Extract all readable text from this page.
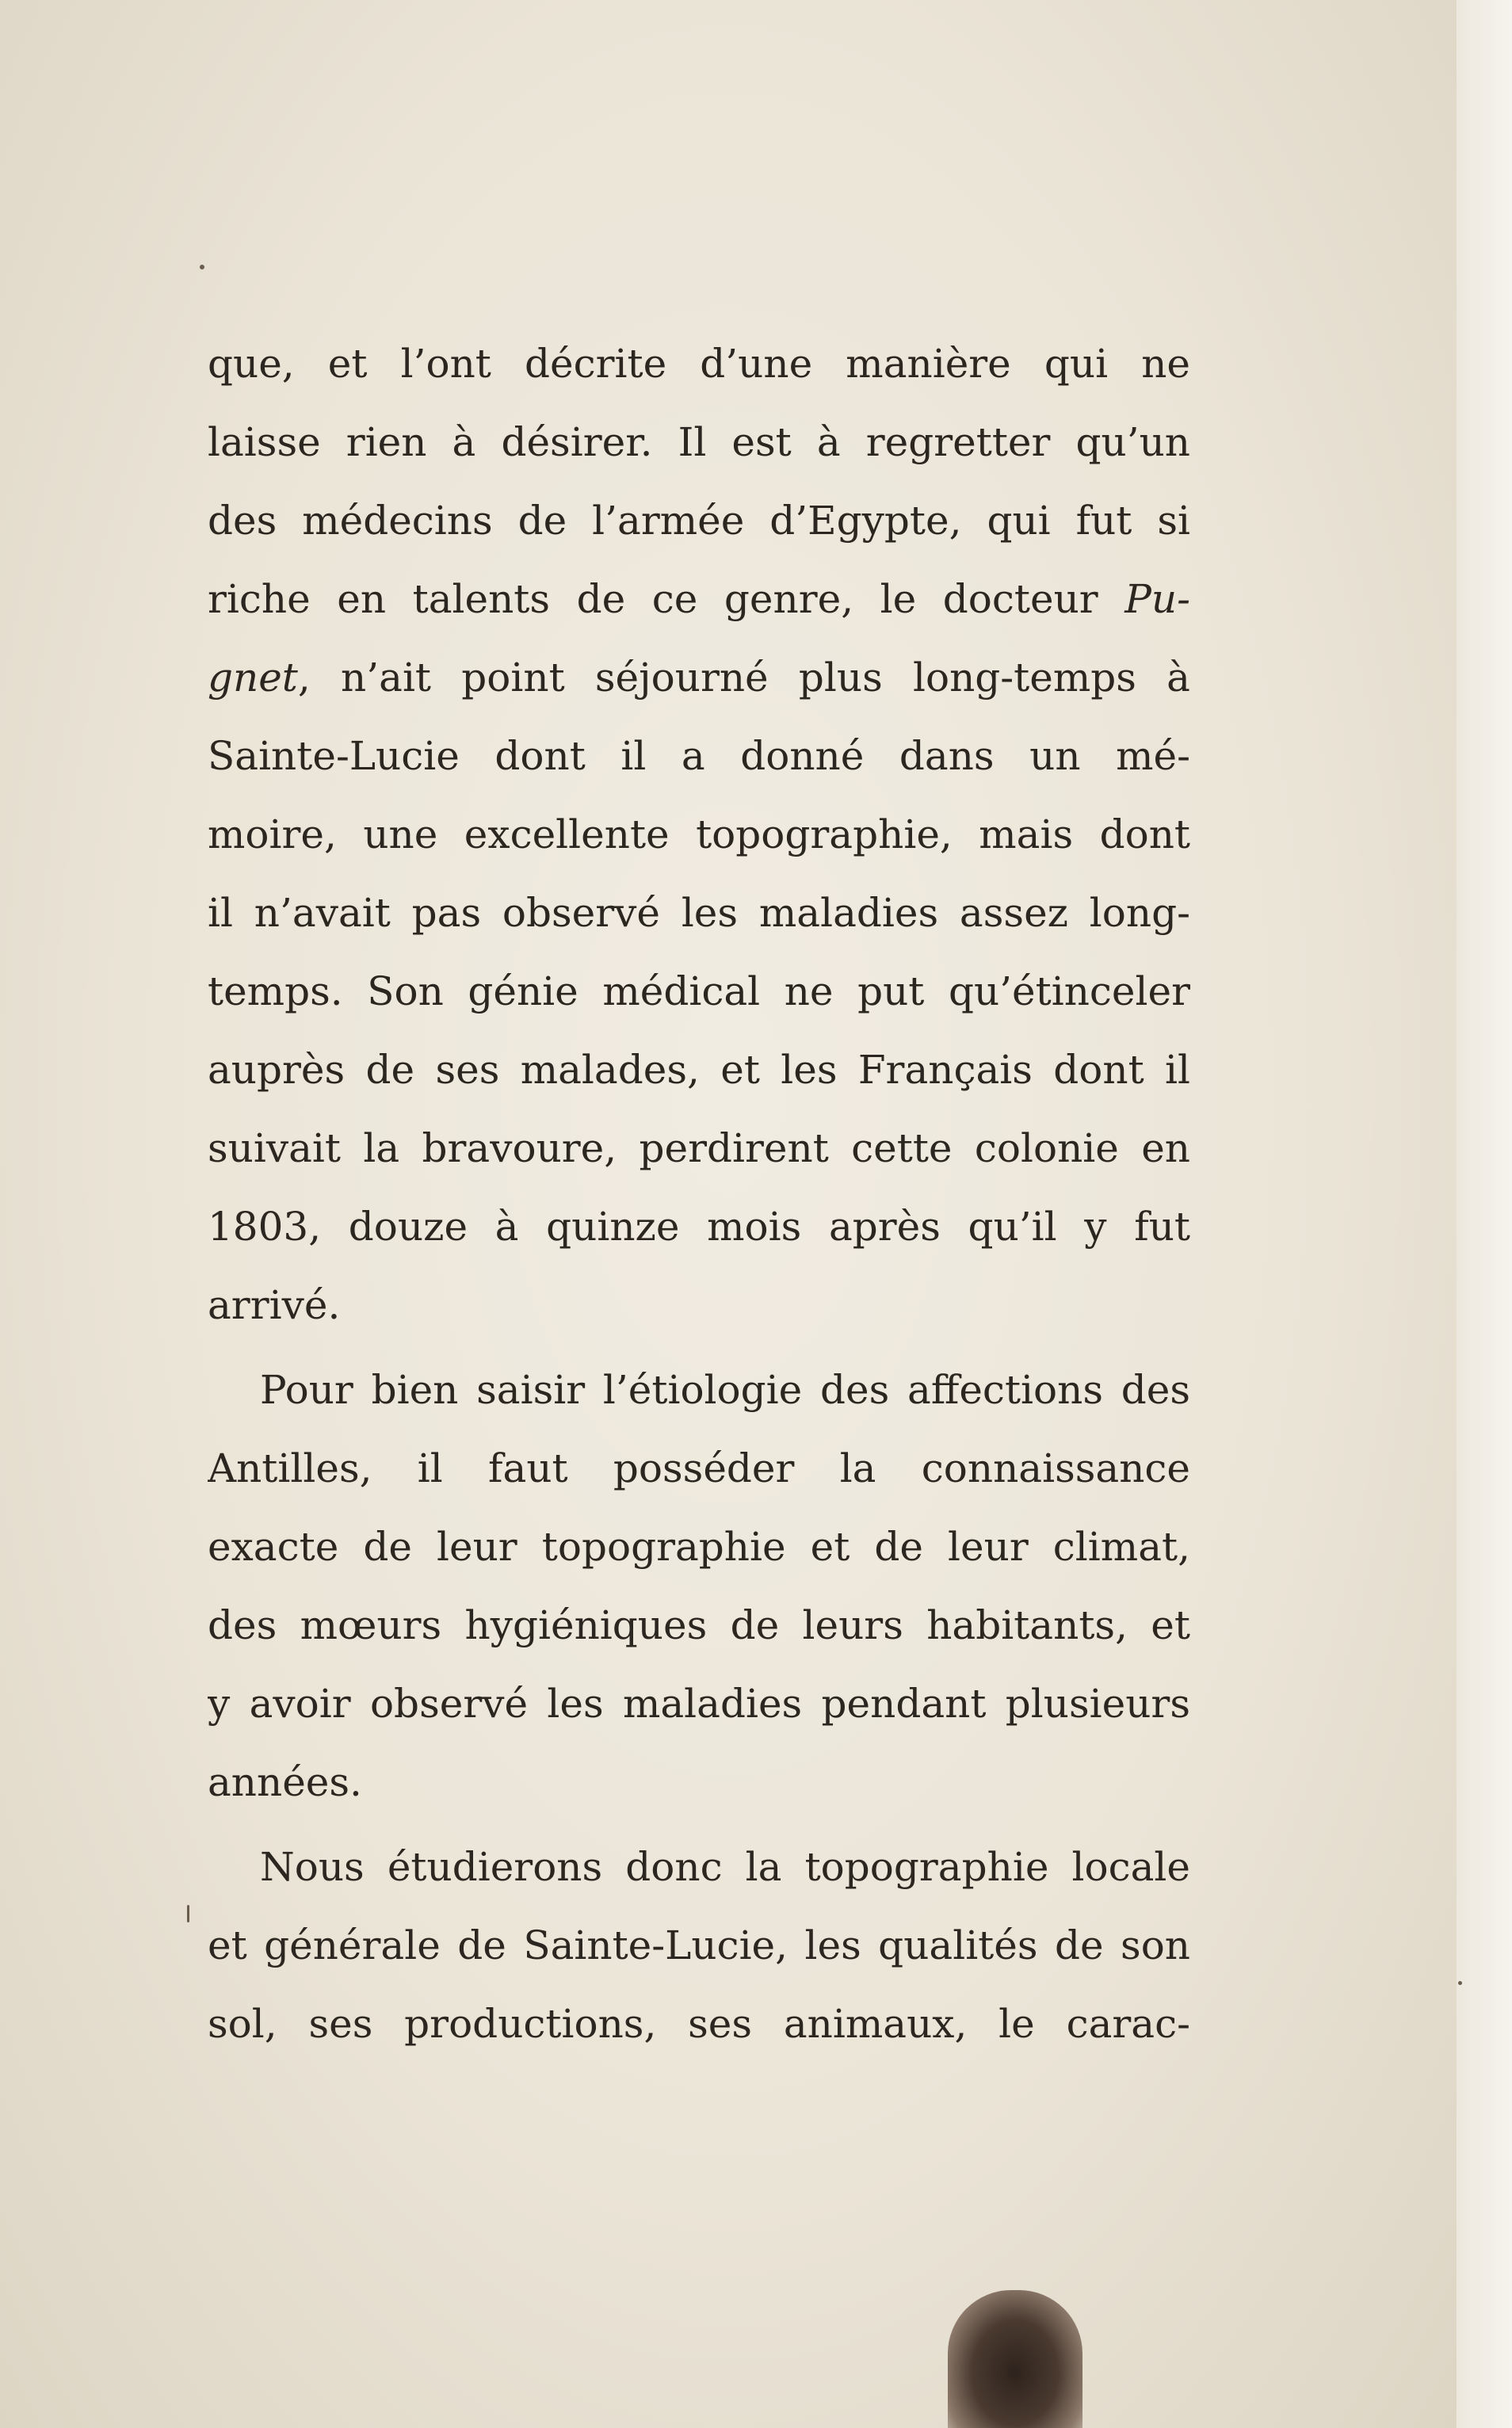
que, et l’ont décrite d’une manière qui ne
laisse rien à désirer. Il est à regretter qu’un
des médecins de l’armée d’Egypte, qui fut si
riche en talents de ce genre, le docteur Pu-
gnet, n’ait point séjourné plus long-temps à
Sainte-Lucie dont il a donné dans un mé-
moire, une excellente topographie, mais dont
il n’avait pas observé les maladies assez long-
temps. Son génie médical ne put qu’étinceler
auprès de ses malades, et les Français dont il
suivait la bravoure, perdirent cette colonie en
1803, douze à quinze mois après qu’il y fut
arrivé.
Pour bien saisir l’étiologie des affections des
Antilles, il faut posséder la connaissance
exacte de leur topographie et de leur climat,
des mœurs hygiéniques de leurs habitants, et
y avoir observé les maladies pendant plusieurs
années.
Nous étudierons donc la topographie locale
et générale de Sainte-Lucie, les qualités de son
sol, ses productions, ses animaux, le carac-
